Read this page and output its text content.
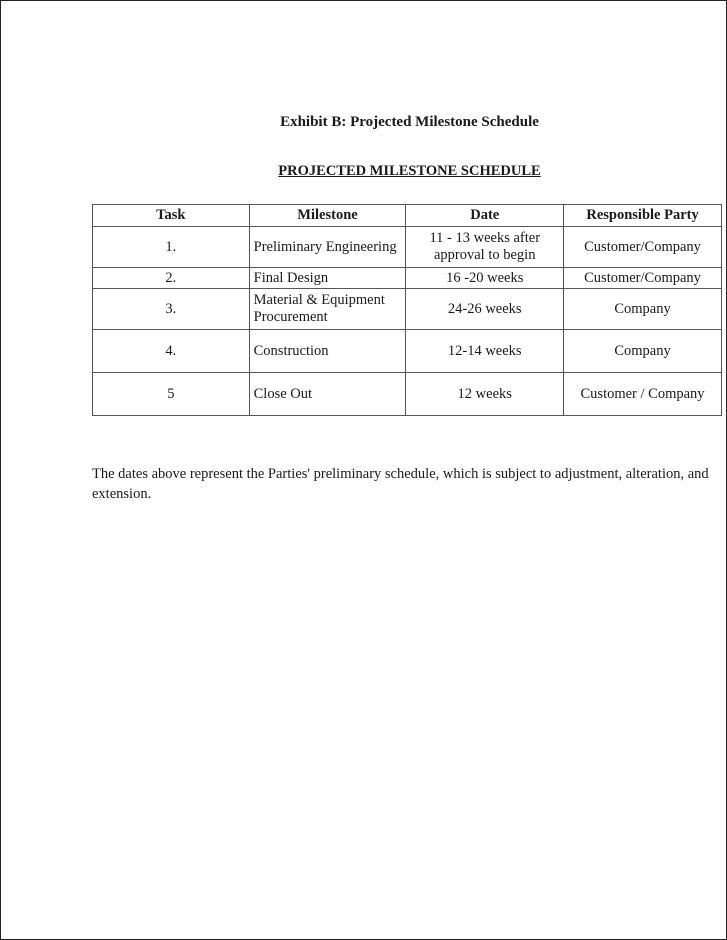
Exhibit B: Projected Milestone Schedule
PROJECTED MILESTONE SCHEDULE
Task	Milestone	Date	Responsible Party
1.	Preliminary Engineering	11 - 13 weeks after approval to begin	Customer/Company
2.	Final Design	16 -20 weeks	Customer/Company
3.	Material & Equipment Procurement	24-26 weeks	Company
4.	Construction	12-14 weeks	Company
5	Close Out	12 weeks	Customer / Company
The dates above represent the Parties' preliminary schedule, which is subject to adjustment, alteration, and extension.
